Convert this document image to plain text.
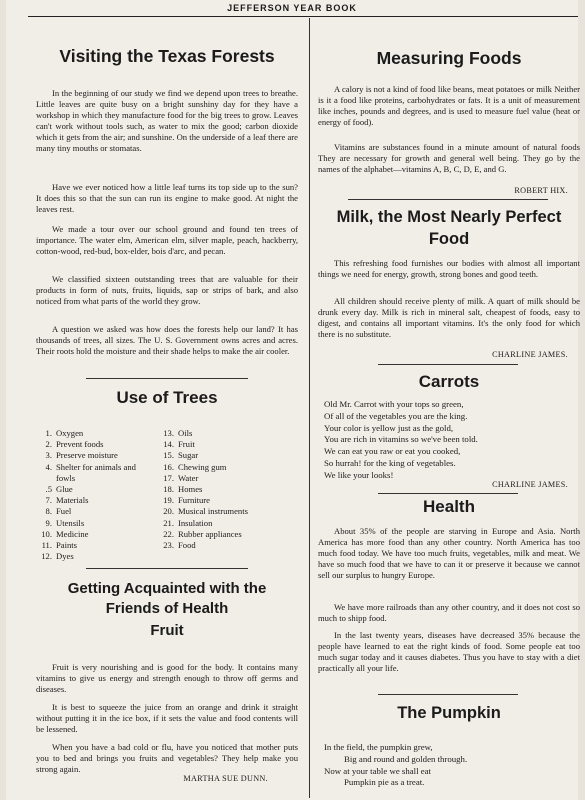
JEFFERSON YEAR BOOK
Visiting the Texas Forests

In the beginning of our study we find we depend upon trees to breathe. Little leaves are quite busy on a bright sunshiny day for they have a workshop in which they manufacture food for the big trees to grow. Leaves can't work without tools such, as water to mix the good; carbon dioxide which it gets from the air; and sunshine. On the underside of a leaf there are many tiny mouths or stomatas.

Have we ever noticed how a little leaf turns its top side up to the sun? It does this so that the sun can run its engine to make good. At night the leaves rest.

We made a tour over our school ground and found ten trees of importance. The water elm, American elm, silver maple, peach, hackberry, cotton-wood, red-bud, box-elder, bois d'arc, and pecan.

We classified sixteen outstanding trees that are valuable for their products in form of nuts, fruits, liquids, sap or strips of bark, and also noticed from what parts of the world they grow.

A question we asked was how does the forests help our land? It has thousands of trees, all sizes. The U. S. Government owns acres and acres. Their roots hold the moisture and their shade helps to make the air cooler.

Use of Trees
1. Oxygen
2. Prevent foods
3. Preserve moisture
4. Shelter for animals and
fowls
.5 Glue
7. Materials
8. Fuel
9. Utensils
10. Medicine
11. Paints
12. Dyes
13. Oils
14. Fruit
15. Sugar
16. Chewing gum
17. Water
18. Homes
19. Furniture
20. Musical instruments
21. Insulation
22. Rubber appliances
23. Food
Getting Acquainted with the
Friends of Health
Fruit

Fruit is very nourishing and is good for the body. It contains many vitamins to give us energy and strength enough to throw off germs and diseases.

It is best to squeeze the juice from an orange and drink it straight without putting it in the ice box, if it sets the value and food contents will be lessened.

When you have a bad cold or flu, have you noticed that mother puts you to bed and brings you fruits and vegetables? They help make you strong again.

MARTHA SUE DUNN.
Measuring Foods

A calory is not a kind of food like beans, meat potatoes or milk Neither is it a food like proteins, carbohydrates or fats. It is a unit of measurement like inches, pounds and degrees, and is used to measure fuel value (heat or energy of food).

Vitamins are substances found in a minute amount of natural foods They are necessary for growth and general well being. They go by the names of the alphabet—vitamins A, B, C, D, E, and G.

ROBERT HIX.
Milk, the Most Nearly Perfect
Food

This refreshing food furnishes our bodies with almost all important things we need for energy, growth, strong bones and good teeth.

All children should receive plenty of milk. A quart of milk should be drunk every day. Milk is rich in mineral salt, cheapest of foods, easy to digest, and contains all important vitamins. It's the only food for which there is no substitute.

CHARLINE JAMES.
Carrots
Old Mr. Carrot with your tops so green,
Of all of the vegetables you are the king.
Your color is yellow just as the gold,
You are rich in vitamins so we've been told.
We can eat you raw or eat you cooked,
So hurrah! for the king of vegetables.
We like your looks!
CHARLINE JAMES.
Health

About 35% of the people are starving in Europe and Asia. North America has more food than any other country. North America has too much food today. We have too much fruits, vegetables, milk and meat. We have so much food that we have to can it or preserve it because we cannot sell our surplus to hungry Europe.

We have more railroads than any other country, and it does not cost so much to shipp food.

In the last twenty years, diseases have decreased 35% because the people have learned to eat the right kinds of food. Some people eat too much sugar today and it causes diabetes. Thus you have to stay with a diet practically all your life.

The Pumpkin
In the field, the pumpkin grew,
Big and round and golden through.
Now at your table we shall eat
Pumpkin pie as a treat.
